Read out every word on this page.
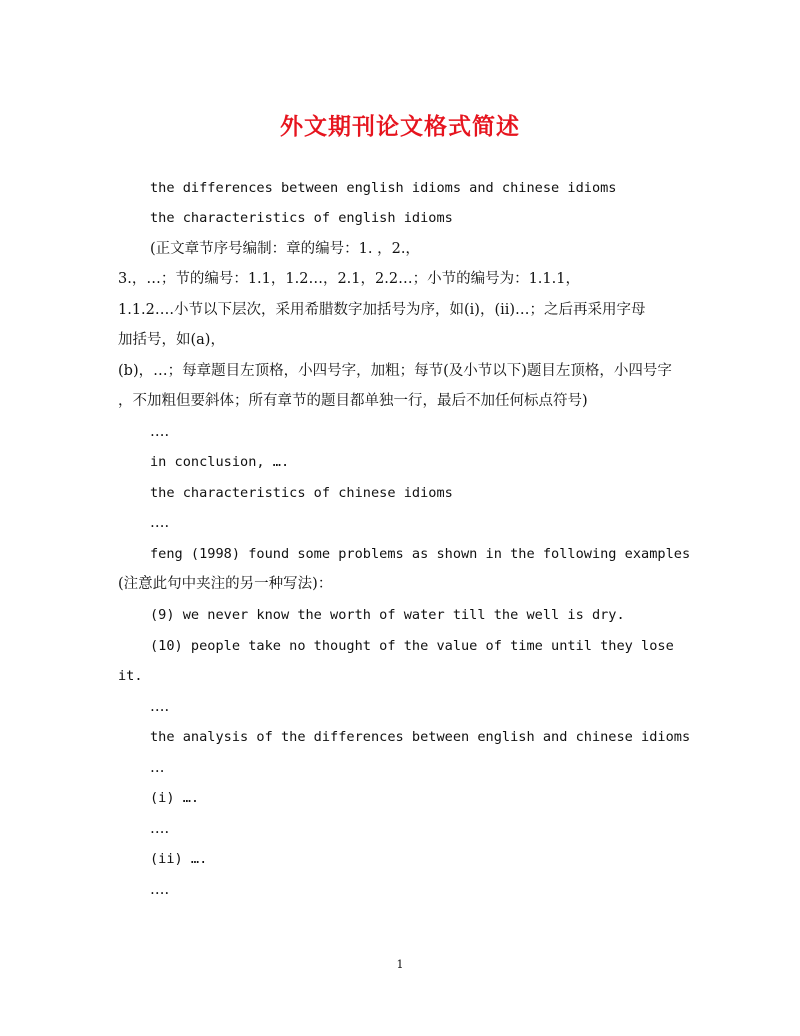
外文期刊论文格式简述
the differences between english idioms and chinese idioms
the characteristics of english idioms
(正文章节序号编制：章的编号：1. ，2.，
3.，…；节的编号：1.1，1.2…，2.1，2.2…；小节的编号为：1.1.1，
1.1.2….小节以下层次，采用希腊数字加括号为序，如(i)，(ii)…；之后再采用字母
加括号，如(a)，
(b)，…；每章题目左顶格，小四号字，加粗；每节(及小节以下)题目左顶格，小四号字
，不加粗但要斜体；所有章节的题目都单独一行，最后不加任何标点符号)
….
in conclusion, ….
the characteristics of chinese idioms
….
feng (1998) found some problems as shown in the following examples
(注意此句中夹注的另一种写法)：
(9) we never know the worth of water till the well is dry.
(10) people take no thought of the value of time until they lose
it.
….
the analysis of the differences between english and chinese idioms
…
(i) ….
….
(ii) ….
….
1
